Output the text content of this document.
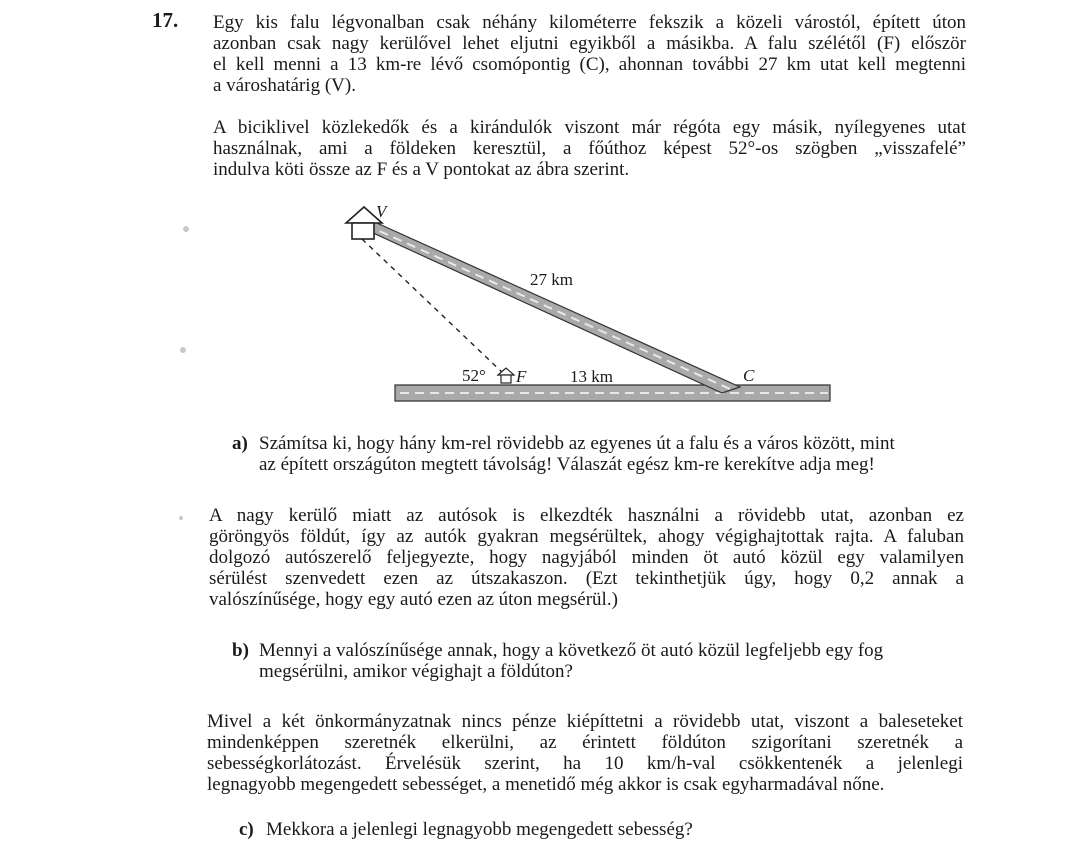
17. Egy kis falu légvonalban csak néhány kilométerre fekszik a közeli várostól, épített úton
azonban csak nagy kerülővel lehet eljutni egyikből a másikba. A falu szélétől (F) először
el kell menni a 13 km-re lévő csomópontig (C), ahonnan további 27 km utat kell megtenni
a városhatárig (V).
A biciklivel közlekedők és a kirándulók viszont már régóta egy másik, nyílegyenes utat
használnak, ami a földeken keresztül, a főúthoz képest 52°-os szögben „visszafelé”
indulva köti össze az F és a V pontokat az ábra szerint.
V
F	C
27 km
13 km
52°
a) Számítsa ki, hogy hány km-rel rövidebb az egyenes út a falu és a város között, mint
az épített országúton megtett távolság! Válaszát egész km-re kerekítve adja meg!
A nagy kerülő miatt az autósok is elkezdték használni a rövidebb utat, azonban ez
göröngyös földút, így az autók gyakran megsérültek, ahogy végighajtottak rajta. A faluban
dolgozó autószerelő feljegyezte, hogy nagyjából minden öt autó közül egy valamilyen
sérülést szenvedett ezen az útszakaszon. (Ezt tekinthetjük úgy, hogy 0,2 annak a
valószínűsége, hogy egy autó ezen az úton megsérül.)
b) Mennyi a valószínűsége annak, hogy a következő öt autó közül legfeljebb egy fog
megsérülni, amikor végighajt a földúton?
Mivel a két önkormányzatnak nincs pénze kiépíttetni a rövidebb utat, viszont a baleseteket
mindenképpen szeretnék elkerülni, az érintett földúton szigorítani szeretnék a
sebességkorlátozást. Érvelésük szerint, ha 10 km/h-val csökkentenék a jelenlegi
legnagyobb megengedett sebességet, a menetidő még akkor is csak egyharmadával nőne.
c) Mekkora a jelenlegi legnagyobb megengedett sebesség?
